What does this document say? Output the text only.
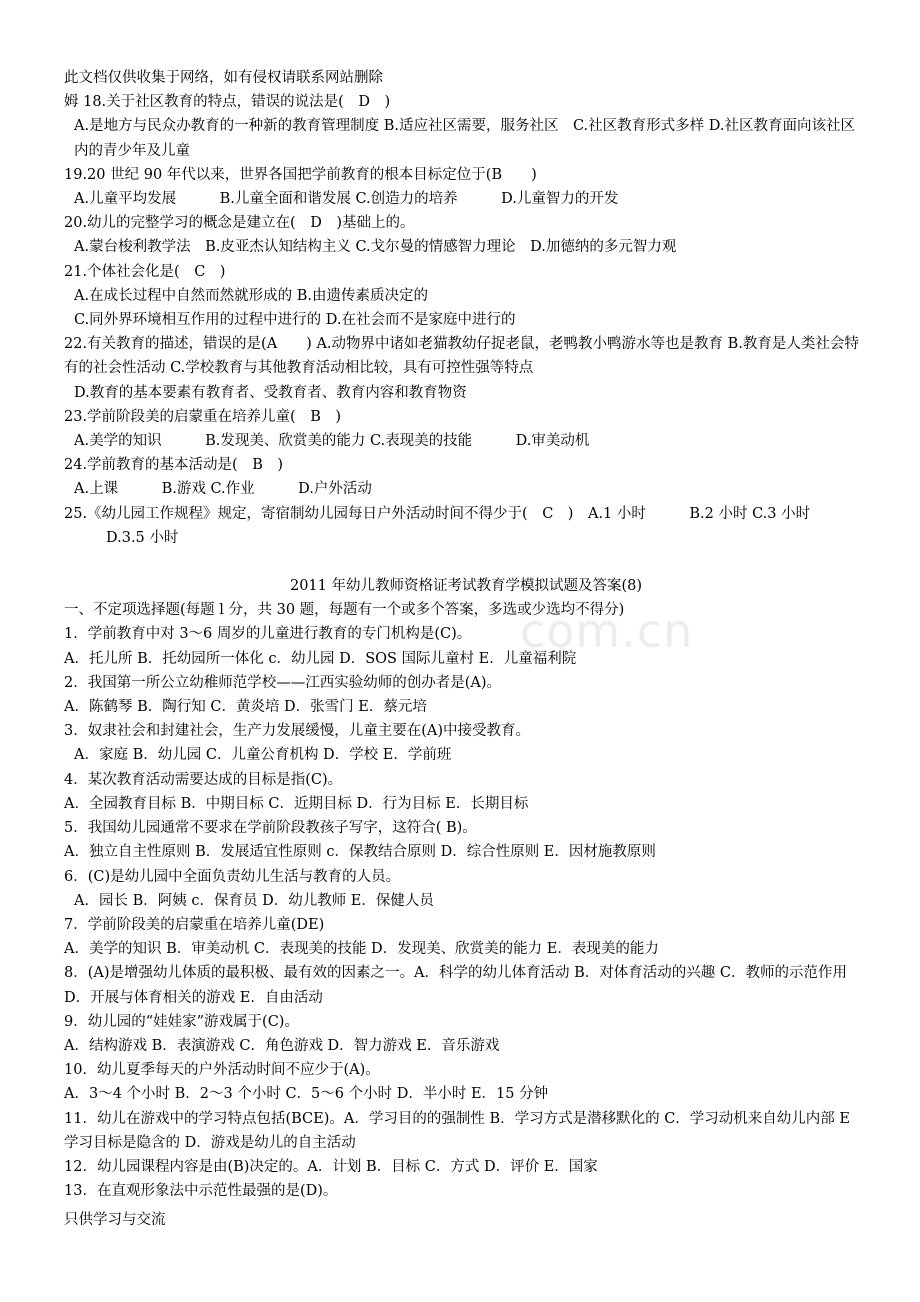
com.cn
此文档仅供收集于网络，如有侵权请联系网站删除
姆 18.关于社区教育的特点，错误的说法是(　D　)
A.是地方与民众办教育的一种新的教育管理制度 B.适应社区需要，服务社区　C.社区教育形式多样 D.社区教育面向该社区内的青少年及儿童
19.20 世纪 90 年代以来，世界各国把学前教育的根本目标定位于(B　　)
A.儿童平均发展　　　B.儿童全面和谐发展 C.创造力的培养　　　D.儿童智力的开发
20.幼儿的完整学习的概念是建立在(　D　)基础上的。
A.蒙台梭利教学法　B.皮亚杰认知结构主义 C.戈尔曼的情感智力理论　D.加德纳的多元智力观
21.个体社会化是(　C　)
A.在成长过程中自然而然就形成的 B.由遗传素质决定的
C.同外界环境相互作用的过程中进行的 D.在社会而不是家庭中进行的
22.有关教育的描述，错误的是(A　　) A.动物界中诸如老猫教幼仔捉老鼠，老鸭教小鸭游水等也是教育 B.教育是人类社会特有的社会性活动 C.学校教育与其他教育活动相比较，具有可控性强等特点
D.教育的基本要素有教育者、受教育者、教育内容和教育物资
23.学前阶段美的启蒙重在培养儿童(　B　)
A.美学的知识　　　B.发现美、欣赏美的能力 C.表现美的技能　　　D.审美动机
24.学前教育的基本活动是(　B　)
A.上课　　　B.游戏 C.作业　　　D.户外活动
25.《幼儿园工作规程》规定，寄宿制幼儿园每日户外活动时间不得少于(　C　)　A.1 小时　　　B.2 小时 C.3 小时
D.3.5 小时
2011 年幼儿教师资格证考试教育学模拟试题及答案(8)
一、不定项选择题(每题 l 分，共 30 题，每题有一个或多个答案，多选或少选均不得分)
1．学前教育中对 3～6 周岁的儿童进行教育的专门机构是(C)。
A．托儿所 B．托幼园所一体化 c．幼儿园 D．SOS 国际儿童村 E．儿童福利院
2．我国第一所公立幼稚师范学校——江西实验幼师的创办者是(A)。
A．陈鹤琴 B．陶行知 C．黄炎培 D．张雪门 E．蔡元培
3．奴隶社会和封建社会，生产力发展缓慢，儿童主要在(A)中接受教育。
A．家庭 B．幼儿园 C．儿童公育机构 D．学校 E．学前班
4．某次教育活动需要达成的目标是指(C)。
A．全园教育目标 B．中期目标 C．近期目标 D．行为目标 E．长期目标
5．我国幼儿园通常不要求在学前阶段教孩子写字，这符合( B)。
A．独立自主性原则 B．发展适宜性原则 c．保教结合原则 D．综合性原则 E．因材施教原则
6．(C)是幼儿园中全面负责幼儿生活与教育的人员。
A．园长 B．阿姨 c．保育员 D．幼儿教师 E．保健人员
7．学前阶段美的启蒙重在培养儿童(DE)
A．美学的知识 B．审美动机 C．表现美的技能 D．发现美、欣赏美的能力 E．表现美的能力
8．(A)是增强幼儿体质的最积极、最有效的因素之一。A．科学的幼儿体育活动 B．对体育活动的兴趣 C．教师的示范作用 D．开展与体育相关的游戏 E．自由活动
9．幼儿园的“娃娃家”游戏属于(C)。
A．结构游戏 B．表演游戏 C．角色游戏 D．智力游戏 E．音乐游戏
10．幼儿夏季每天的户外活动时间不应少于(A)。
A．3～4 个小时 B．2～3 个小时 C．5～6 个小时 D．半小时 E．15 分钟
11．幼儿在游戏中的学习特点包括(BCE)。A．学习目的的强制性 B．学习方式是潜移默化的 C．学习动机来自幼儿内部 E 学习目标是隐含的 D．游戏是幼儿的自主活动
12．幼儿园课程内容是由(B)决定的。A．计划 B．目标 C．方式 D．评价 E．国家
13．在直观形象法中示范性最强的是(D)。
只供学习与交流
